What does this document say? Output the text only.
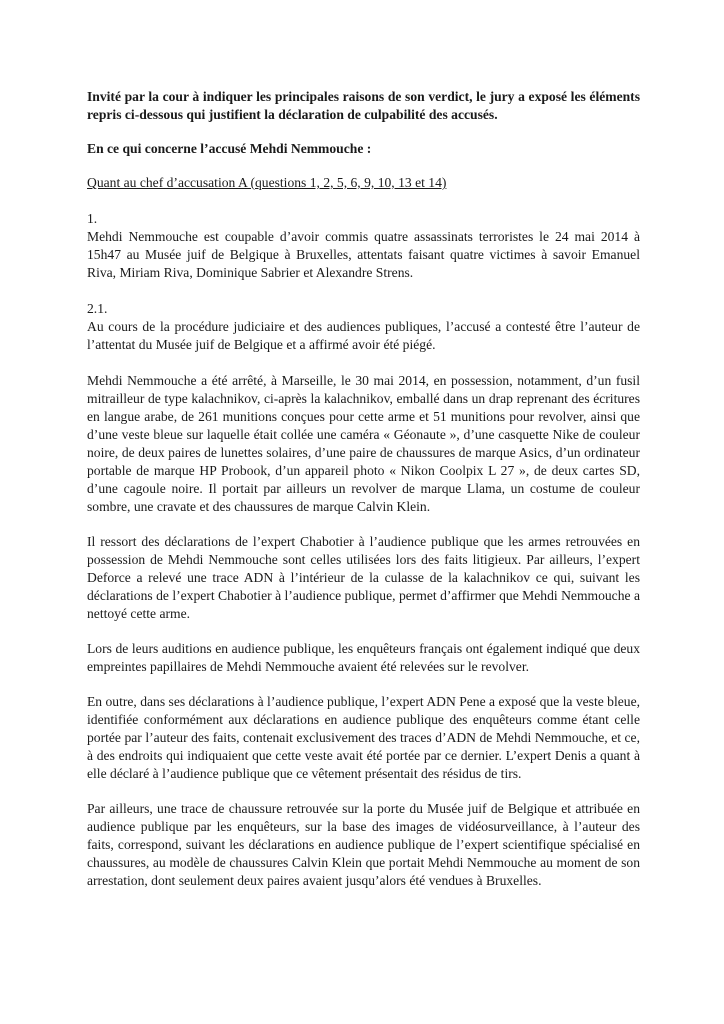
Invité par la cour à indiquer les principales raisons de son verdict, le jury a exposé les éléments repris ci-dessous qui justifient la déclaration de culpabilité des accusés.

En ce qui concerne l’accusé Mehdi Nemmouche :

Quant au chef d’accusation A (questions 1, 2, 5, 6, 9, 10, 13 et 14)

1.

Mehdi Nemmouche est coupable d’avoir commis quatre assassinats terroristes le 24 mai 2014 à 15h47 au Musée juif de Belgique à Bruxelles, attentats faisant quatre victimes à savoir Emanuel Riva, Miriam Riva, Dominique Sabrier et Alexandre Strens.

2.1.

Au cours de la procédure judiciaire et des audiences publiques, l’accusé a contesté être l’auteur de l’attentat du Musée juif de Belgique et a affirmé avoir été piégé.

Mehdi Nemmouche a été arrêté, à Marseille, le 30 mai 2014, en possession, notamment, d’un fusil mitrailleur de type kalachnikov, ci-après la kalachnikov, emballé dans un drap reprenant des écritures en langue arabe, de 261 munitions conçues pour cette arme et 51 munitions pour revolver, ainsi que d’une veste bleue sur laquelle était collée une caméra « Géonaute », d’une casquette Nike de couleur noire, de deux paires de lunettes solaires, d’une paire de chaussures de marque Asics, d’un ordinateur portable de marque HP Probook, d’un appareil photo « Nikon Coolpix L 27 », de deux cartes SD, d’une cagoule noire. Il portait par ailleurs un revolver de marque Llama, un costume de couleur sombre, une cravate et des chaussures de marque Calvin Klein.

Il ressort des déclarations de l’expert Chabotier à l’audience publique que les armes retrouvées en possession de Mehdi Nemmouche sont celles utilisées lors des faits litigieux. Par ailleurs, l’expert Deforce a relevé une trace ADN à l’intérieur de la culasse de la kalachnikov ce qui, suivant les déclarations de l’expert Chabotier à l’audience publique, permet d’affirmer que Mehdi Nemmouche a nettoyé cette arme.

Lors de leurs auditions en audience publique, les enquêteurs français ont également indiqué que deux empreintes papillaires de Mehdi Nemmouche avaient été relevées sur le revolver.

En outre, dans ses déclarations à l’audience publique, l’expert ADN Pene a exposé que la veste bleue, identifiée conformément aux déclarations en audience publique des enquêteurs comme étant celle portée par l’auteur des faits, contenait exclusivement des traces d’ADN de Mehdi Nemmouche, et ce, à des endroits qui indiquaient que cette veste avait été portée par ce dernier. L’expert Denis a quant à elle déclaré à l’audience publique que ce vêtement présentait des résidus de tirs.

Par ailleurs, une trace de chaussure retrouvée sur la porte du Musée juif de Belgique et attribuée en audience publique par les enquêteurs, sur la base des images de vidéosurveillance, à l’auteur des faits, correspond, suivant les déclarations en audience publique de l’expert scientifique spécialisé en chaussures, au modèle de chaussures Calvin Klein que portait Mehdi Nemmouche au moment de son arrestation, dont seulement deux paires avaient jusqu’alors été vendues à Bruxelles.
